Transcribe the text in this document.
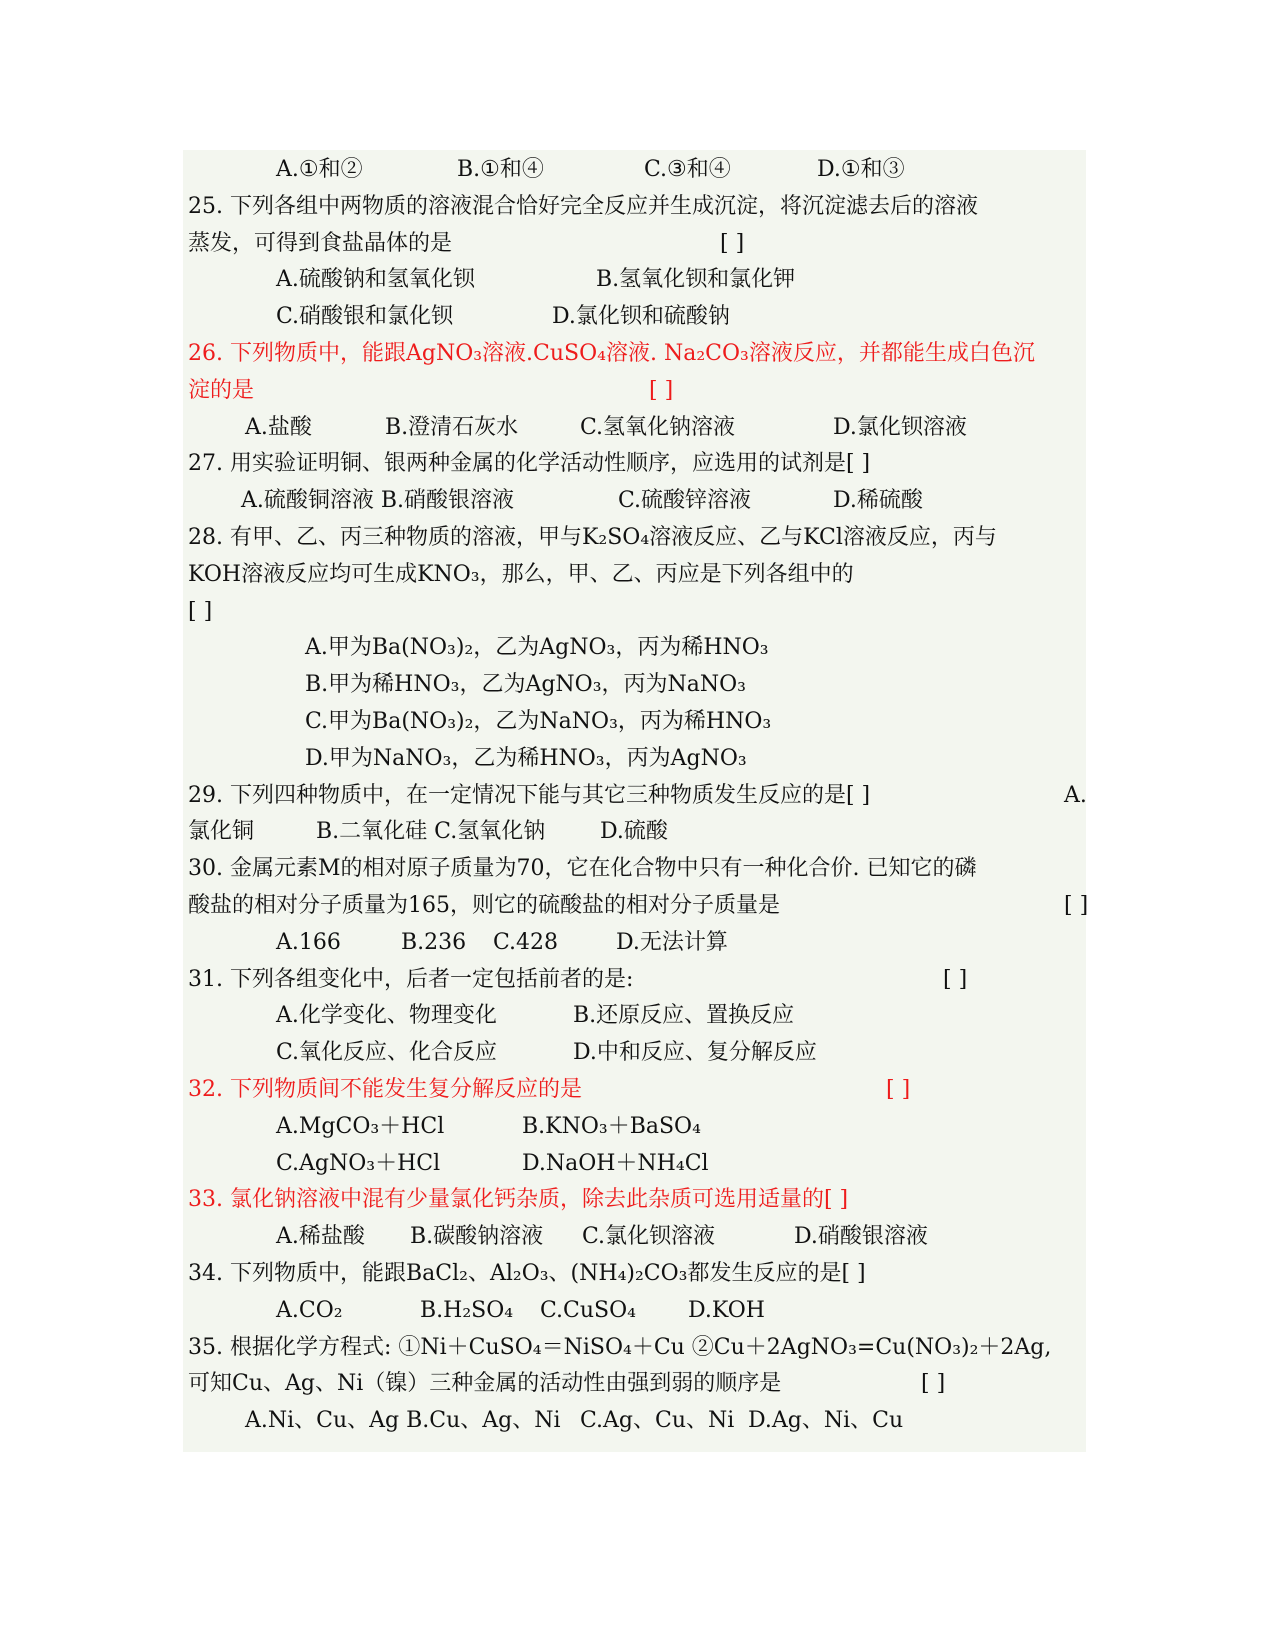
A.①和②	B.①和④	C.③和④	D.①和③
25. 下列各组中两物质的溶液混合恰好完全反应并生成沉淀，将沉淀滤去后的溶液
蒸发，可得到食盐晶体的是	[ ]
A.硫酸钠和氢氧化钡	B.氢氧化钡和氯化钾
C.硝酸银和氯化钡	D.氯化钡和硫酸钠
26. 下列物质中，能跟AgNO₃溶液.CuSO₄溶液. Na₂CO₃溶液反应，并都能生成白色沉
淀的是	[ ]
A.盐酸	B.澄清石灰水	C.氢氧化钠溶液	D.氯化钡溶液
27. 用实验证明铜、银两种金属的化学活动性顺序，应选用的试剂是[ ]
A.硫酸铜溶液 B.硝酸银溶液	C.硫酸锌溶液	D.稀硫酸
28. 有甲、乙、丙三种物质的溶液，甲与K₂SO₄溶液反应、乙与KCl溶液反应，丙与
KOH溶液反应均可生成KNO₃，那么，甲、乙、丙应是下列各组中的
[ ]
A.甲为Ba(NO₃)₂，乙为AgNO₃，丙为稀HNO₃
B.甲为稀HNO₃，乙为AgNO₃，丙为NaNO₃
C.甲为Ba(NO₃)₂，乙为NaNO₃，丙为稀HNO₃
D.甲为NaNO₃，乙为稀HNO₃，丙为AgNO₃
29. 下列四种物质中，在一定情况下能与其它三种物质发生反应的是[ ]	A.
氯化铜	B.二氧化硅 C.氢氧化钠 D.硫酸
30. 金属元素M的相对原子质量为70，它在化合物中只有一种化合价. 已知它的磷
酸盐的相对分子质量为165，则它的硫酸盐的相对分子质量是	[ ]
A.166	B.236 C.428	D.无法计算
31. 下列各组变化中，后者一定包括前者的是:	[ ]
A.化学变化、物理变化	B.还原反应、置换反应
C.氧化反应、化合反应	D.中和反应、复分解反应
32. 下列物质间不能发生复分解反应的是	[ ]
A.MgCO₃＋HCl	B.KNO₃＋BaSO₄
C.AgNO₃＋HCl	D.NaOH＋NH₄Cl
33. 氯化钠溶液中混有少量氯化钙杂质，除去此杂质可选用适量的[ ]
A.稀盐酸 B.碳酸钠溶液 C.氯化钡溶液	D.硝酸银溶液
34. 下列物质中，能跟BaCl₂、Al₂O₃、(NH₄)₂CO₃都发生反应的是[ ]
A.CO₂	B.H₂SO₄ C.CuSO₄ D.KOH
35. 根据化学方程式: ①Ni＋CuSO₄＝NiSO₄＋Cu ②Cu＋2AgNO₃=Cu(NO₃)₂＋2Ag,
可知Cu、Ag、Ni（镍）三种金属的活动性由强到弱的顺序是	[ ]
A.Ni、Cu、Ag B.Cu、Ag、Ni C.Ag、Cu、Ni D.Ag、Ni、Cu
